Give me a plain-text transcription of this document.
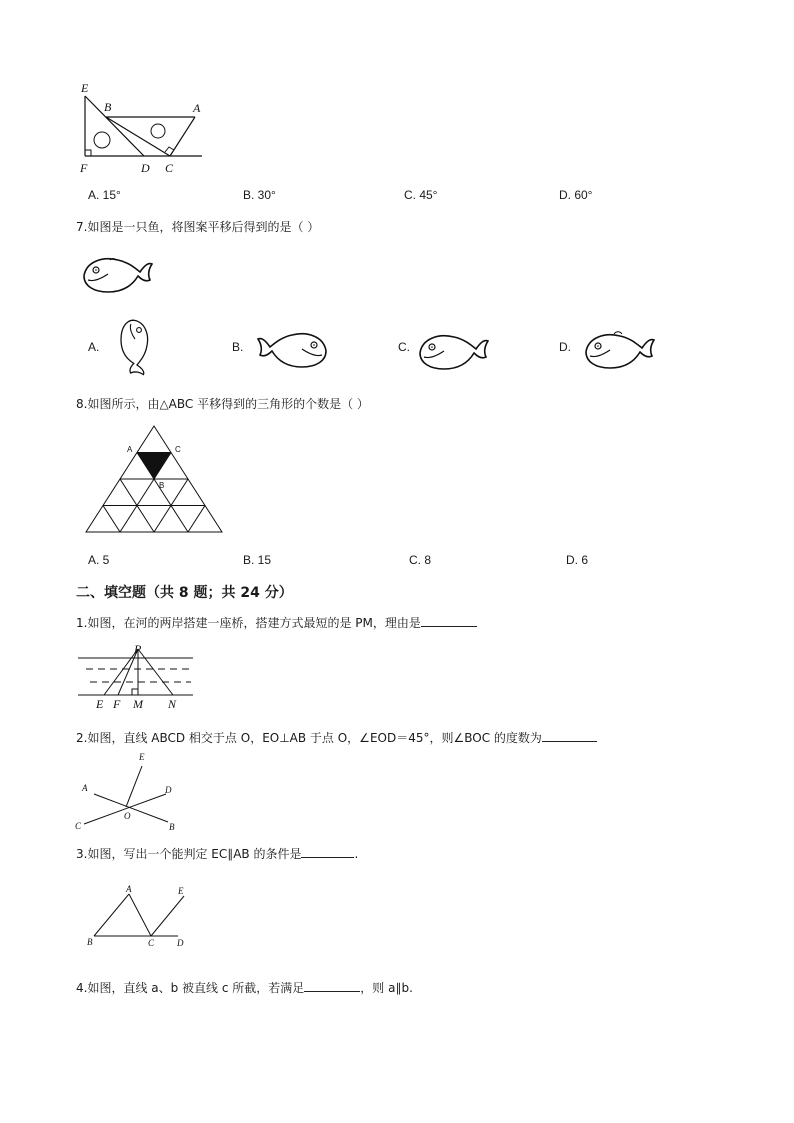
E
B	A
F	D C
A. 15°	B. 30°	C. 45°	D. 60°
7.如图是一只鱼，将图案平移后得到的是（ ）
A.	B.	C.	D.
8.如图所示，由△ABC 平移得到的三角形的个数是（ ）
A	C
B
A. 5	B. 15	C. 8	D. 6
二、填空题（共 8 题；共 24 分）
1.如图，在河的两岸搭建一座桥，搭建方式最短的是 PM，理由是
P
E F M N
2.如图，直线 ABCD 相交于点 O，EO⊥AB 于点 O，∠EOD＝45°，则∠BOC 的度数为
E
A	D
O
C	B
3.如图，写出一个能判定 EC∥AB 的条件是	.
A	E
B	C	D
4.如图，直线 a、b 被直线 c 所截，若满足	，则 a∥b.
